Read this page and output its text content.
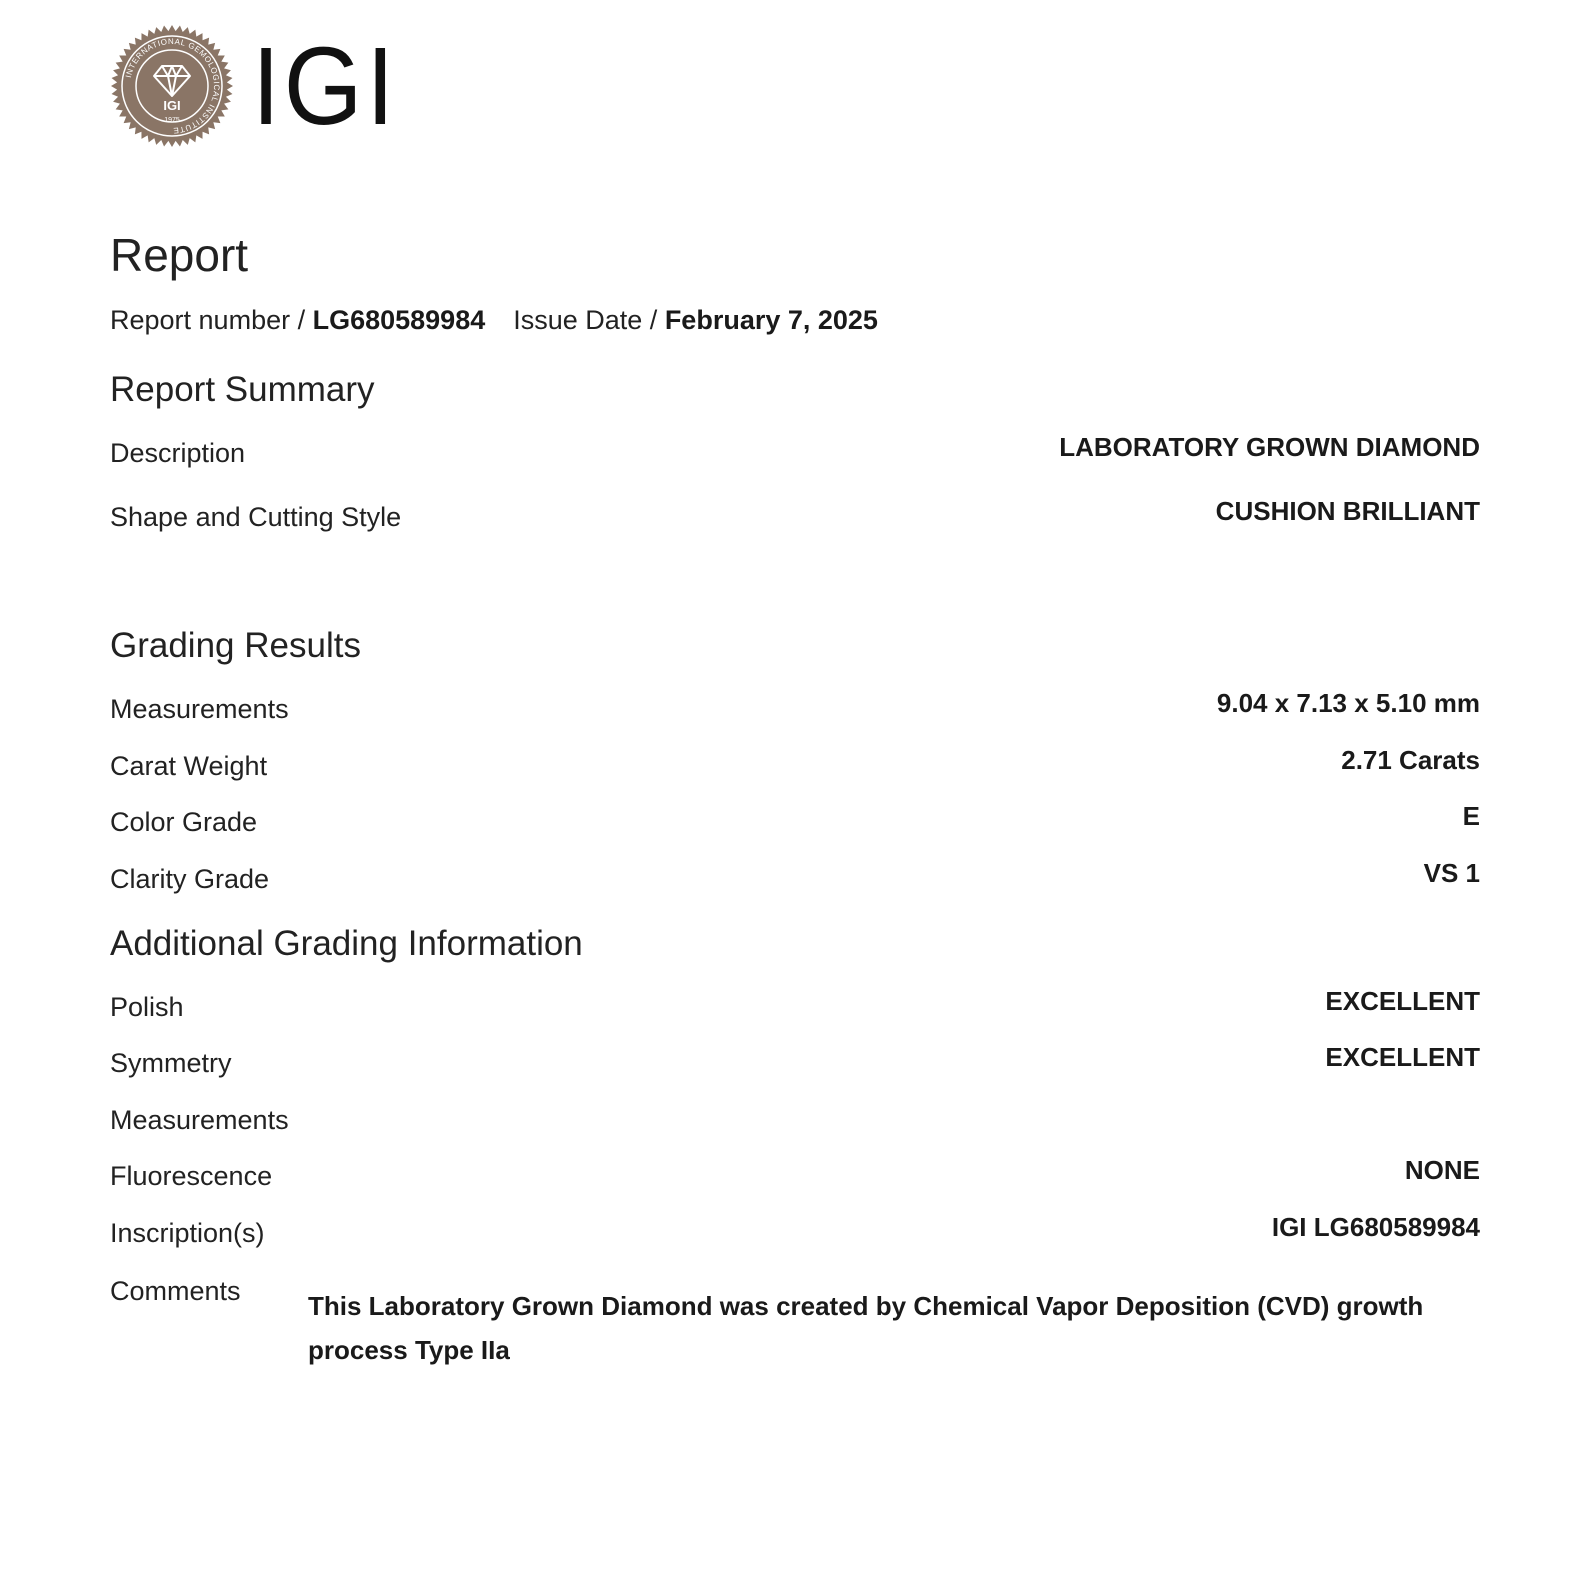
INTERNATIONAL GEMOLOGICAL INSTITUTE
IGI
1975 IGI
Report
Report number / LG680589984 Issue Date / February 7, 2025
Report Summary
Description	LABORATORY GROWN DIAMOND
Shape and Cutting Style	CUSHION BRILLIANT
Grading Results
Measurements	9.04 x 7.13 x 5.10 mm
Carat Weight	2.71 Carats
Color Grade	E
Clarity Grade	VS 1
Additional Grading Information
Polish	EXCELLENT
Symmetry	EXCELLENT
Measurements
Fluorescence	NONE
Inscription(s)	IGI LG680589984
Comments	This Laboratory Grown Diamond was created by Chemical Vapor Deposition (CVD) growth process Type IIa
